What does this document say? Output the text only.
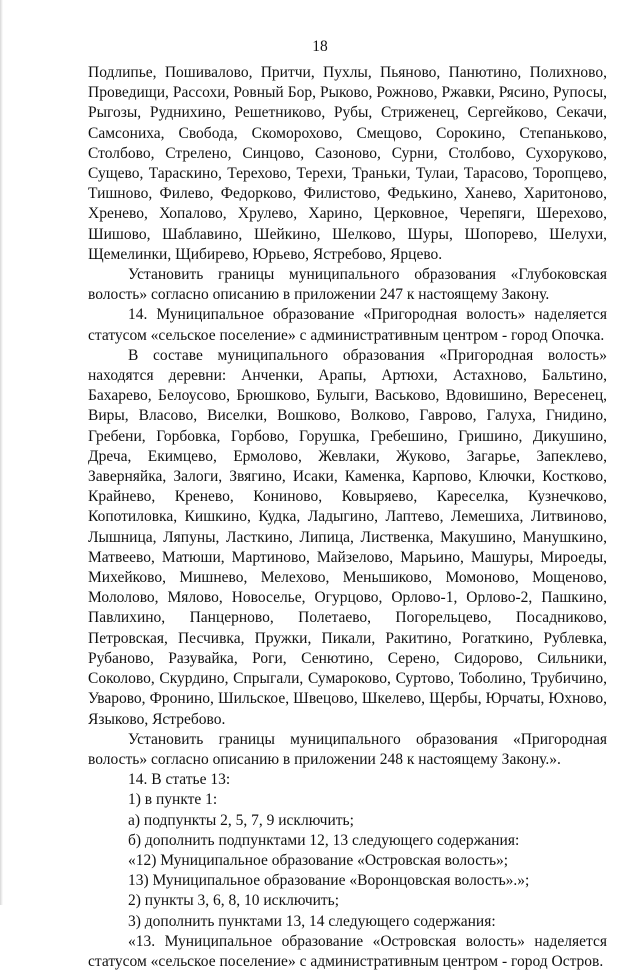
18

Подлипье, Пошивалово, Притчи, Пухлы, Пьяново, Панютино, Полихново, Проведищи, Рассохи, Ровный Бор, Рыково, Рожново, Ржавки, Рясино, Рупосы, Рыгозы, Руднихино, Решетниково, Рубы, Стриженец, Сергейково, Секачи, Самсониха, Свобода, Скоморохово, Смещово, Сорокино, Степаньково, Столбово, Стрелено, Синцово, Сазоново, Сурни, Столбово, Сухоруково, Сущево, Тараскино, Терехово, Терехи, Траньки, Тулаи, Тарасово, Торопцево, Тишново, Филево, Федорково, Филистово, Федькино, Ханево, Харитоново, Хренево, Хопалово, Хрулево, Харино, Церковное, Черепяги, Шерехово, Шишово, Шаблавино, Шейкино, Шелково, Шуры, Шопорево, Шелухи, Щемелинки, Щибирево, Юрьево, Ястребово, Ярцево.

Установить границы муниципального образования «Глубоковская волость» согласно описанию в приложении 247 к настоящему Закону.

14. Муниципальное образование «Пригородная волость» наделяется статусом «сельское поселение» с административным центром - город Опочка.

В составе муниципального образования «Пригородная волость» находятся деревни: Анченки, Арапы, Артюхи, Астахново, Бальтино, Бахарево, Белоусово, Брюшково, Булыги, Васьково, Вдовишино, Вересенец, Виры, Власово, Виселки, Вошково, Волково, Гаврово, Галуха, Гнидино, Гребени, Горбовка, Горбово, Горушка, Гребешино, Гришино, Дикушино, Дреча, Екимцево, Ермолово, Жевлаки, Жуково, Загарье, Запеклево, Заверняйка, Залоги, Звягино, Исаки, Каменка, Карпово, Ключки, Костково, Крайнево, Кренево, Кониново, Ковыряево, Кареселка, Кузнечково, Копотиловка, Кишкино, Кудка, Ладыгино, Лаптево, Лемешиха, Литвиново, Лышница, Ляпуны, Ласткино, Липица, Лиственка, Макушино, Манушкино, Матвеево, Матюши, Мартиново, Майзелово, Марьино, Машуры, Мироеды, Михейково, Мишнево, Мелехово, Меньшиково, Момоново, Мощеново, Мололово, Мялово, Новоселье, Огурцово, Орлово-1, Орлово-2, Пашкино, Павлихино, Панцерново, Полетаево, Погорельцево, Посадниково, Петровская, Песчивка, Пружки, Пикали, Ракитино, Рогаткино, Рублевка, Рубаново, Разувайка, Роги, Сенютино, Серено, Сидорово, Сильники, Соколово, Скурдино, Спрыгали, Сумароково, Суртово, Тоболино, Трубичино, Уварово, Фронино, Шильское, Швецово, Шкелево, Щербы, Юрчаты, Юхново, Языково, Ястребово.

Установить границы муниципального образования «Пригородная волость» согласно описанию в приложении 248 к настоящему Закону.».

14. В статье 13:

1) в пункте 1:

а) подпункты 2, 5, 7, 9 исключить;

б) дополнить подпунктами 12, 13 следующего содержания:

«12) Муниципальное образование «Островская волость»;

13) Муниципальное образование «Воронцовская волость».»;

2) пункты 3, 6, 8, 10 исключить;

3) дополнить пунктами 13, 14 следующего содержания:

«13. Муниципальное образование «Островская волость» наделяется статусом «сельское поселение» с административным центром - город Остров.
